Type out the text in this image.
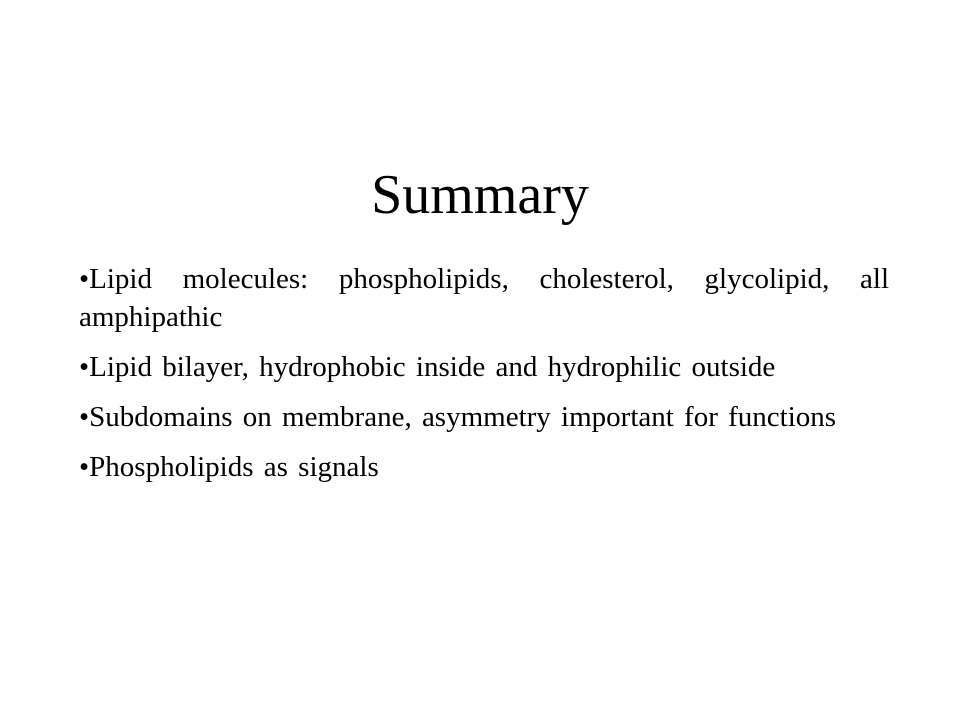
Summary
•Lipid molecules: phospholipids, cholesterol, glycolipid, all amphipathic
•Lipid bilayer, hydrophobic inside and hydrophilic outside
•Subdomains on membrane, asymmetry important for functions
•Phospholipids as signals
